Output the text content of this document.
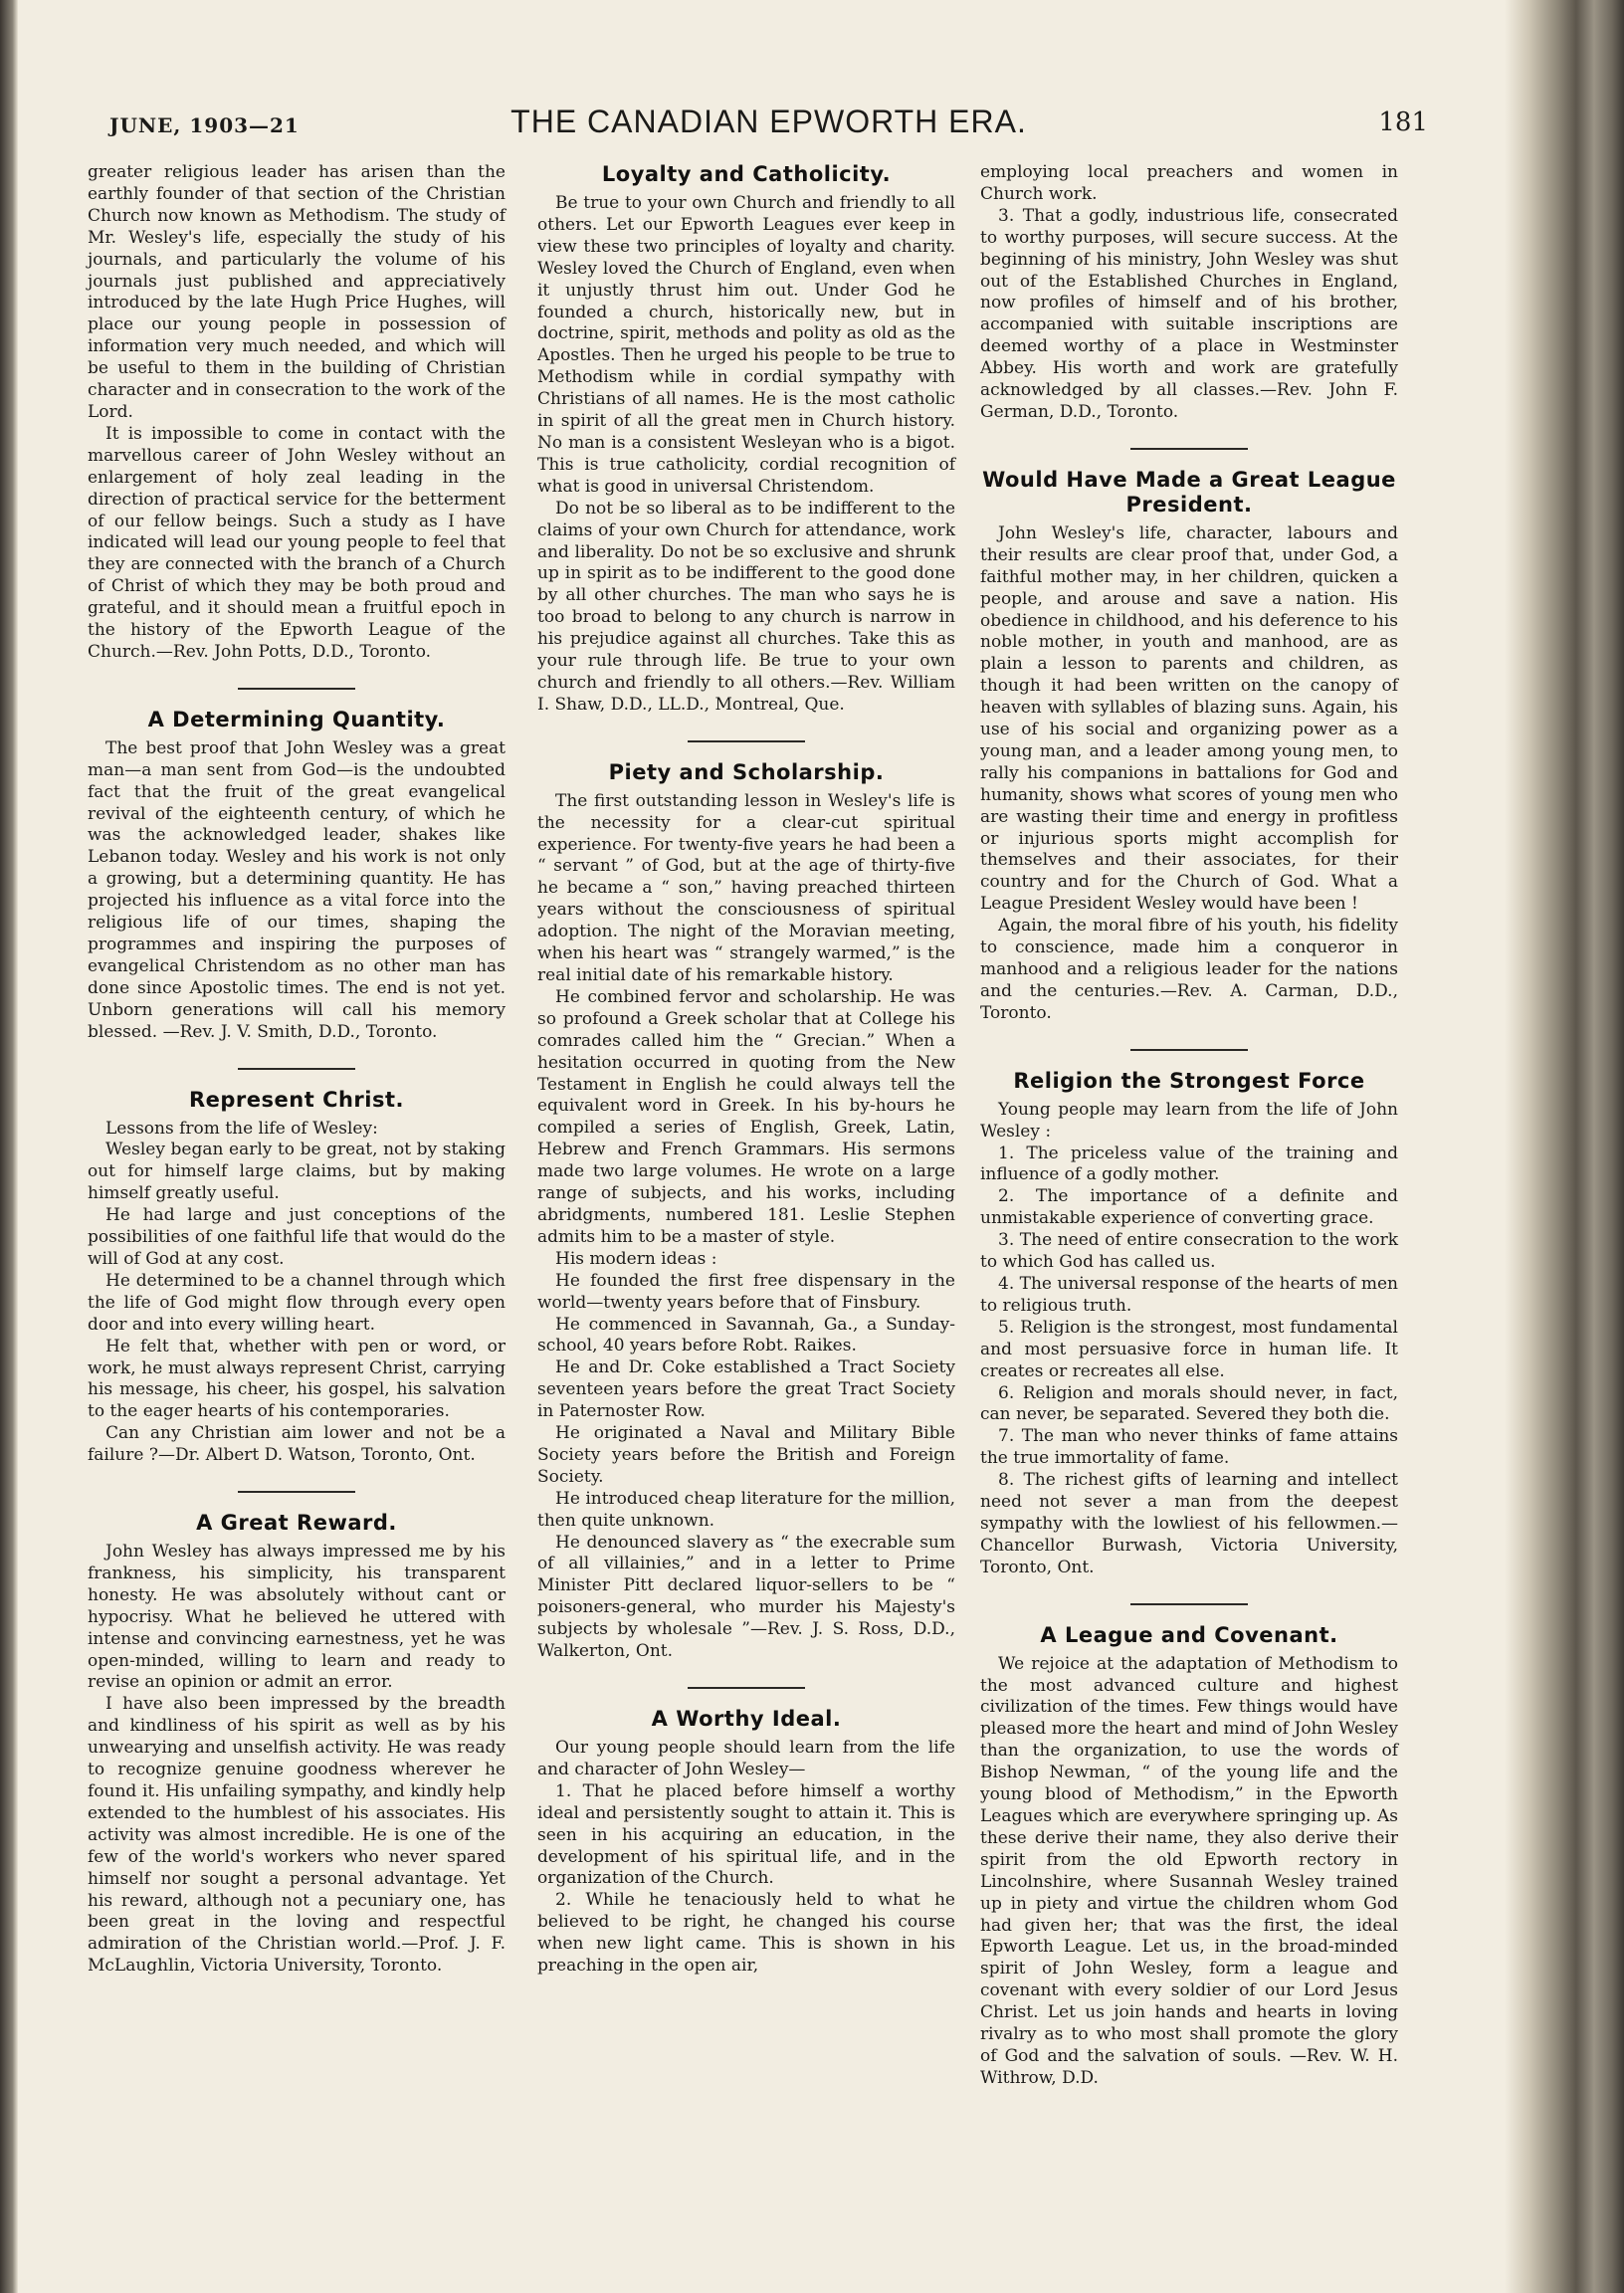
JUNE, 1903—21	THE CANADIAN EPWORTH ERA.	181

greater religious leader has arisen than the earthly founder of that section of the Christian Church now known as Methodism. The study of Mr. Wesley's life, especially the study of his journals, and particularly the volume of his journals just published and appreciatively introduced by the late Hugh Price Hughes, will place our young people in possession of information very much needed, and which will be useful to them in the building of Christian character and in consecration to the work of the Lord.

It is impossible to come in contact with the marvellous career of John Wesley without an enlargement of holy zeal leading in the direction of practical service for the betterment of our fellow beings. Such a study as I have indicated will lead our young people to feel that they are connected with the branch of a Church of Christ of which they may be both proud and grateful, and it should mean a fruitful epoch in the history of the Epworth League of the Church.—Rev. John Potts, D.D., Toronto.

A Determining Quantity.

The best proof that John Wesley was a great man—a man sent from God—is the undoubted fact that the fruit of the great evangelical revival of the eighteenth century, of which he was the acknowledged leader, shakes like Lebanon today. Wesley and his work is not only a growing, but a determining quantity. He has projected his influence as a vital force into the religious life of our times, shaping the programmes and inspiring the purposes of evangelical Christendom as no other man has done since Apostolic times. The end is not yet. Unborn generations will call his memory blessed. —Rev. J. V. Smith, D.D., Toronto.

Represent Christ.

Lessons from the life of Wesley:

Wesley began early to be great, not by staking out for himself large claims, but by making himself greatly useful.

He had large and just conceptions of the possibilities of one faithful life that would do the will of God at any cost.

He determined to be a channel through which the life of God might flow through every open door and into every willing heart.

He felt that, whether with pen or word, or work, he must always represent Christ, carrying his message, his cheer, his gospel, his salvation to the eager hearts of his contemporaries.

Can any Christian aim lower and not be a failure ?—Dr. Albert D. Watson, Toronto, Ont.

A Great Reward.

John Wesley has always impressed me by his frankness, his simplicity, his transparent honesty. He was absolutely without cant or hypocrisy. What he believed he uttered with intense and convincing earnestness, yet he was open-minded, willing to learn and ready to revise an opinion or admit an error.

I have also been impressed by the breadth and kindliness of his spirit as well as by his unwearying and unselfish activity. He was ready to recognize genuine goodness wherever he found it. His unfailing sympathy, and kindly help extended to the humblest of his associates. His activity was almost incredible. He is one of the few of the world's workers who never spared himself nor sought a personal advantage. Yet his reward, although not a pecuniary one, has been great in the loving and respectful admiration of the Christian world.—Prof. J. F. McLaughlin, Victoria University, Toronto.

Loyalty and Catholicity.

Be true to your own Church and friendly to all others. Let our Epworth Leagues ever keep in view these two principles of loyalty and charity. Wesley loved the Church of England, even when it unjustly thrust him out. Under God he founded a church, historically new, but in doctrine, spirit, methods and polity as old as the Apostles. Then he urged his people to be true to Methodism while in cordial sympathy with Christians of all names. He is the most catholic in spirit of all the great men in Church history. No man is a consistent Wesleyan who is a bigot. This is true catholicity, cordial recognition of what is good in universal Christendom.

Do not be so liberal as to be indifferent to the claims of your own Church for attendance, work and liberality. Do not be so exclusive and shrunk up in spirit as to be indifferent to the good done by all other churches. The man who says he is too broad to belong to any church is narrow in his prejudice against all churches. Take this as your rule through life. Be true to your own church and friendly to all others.—Rev. William I. Shaw, D.D., LL.D., Montreal, Que.

Piety and Scholarship.

The first outstanding lesson in Wesley's life is the necessity for a clear-cut spiritual experience. For twenty-five years he had been a “ servant ” of God, but at the age of thirty-five he became a “ son,” having preached thirteen years without the consciousness of spiritual adoption. The night of the Moravian meeting, when his heart was “ strangely warmed,” is the real initial date of his remarkable history.

He combined fervor and scholarship. He was so profound a Greek scholar that at College his comrades called him the “ Grecian.” When a hesitation occurred in quoting from the New Testament in English he could always tell the equivalent word in Greek. In his by-hours he compiled a series of English, Greek, Latin, Hebrew and French Grammars. His sermons made two large volumes. He wrote on a large range of subjects, and his works, including abridgments, numbered 181. Leslie Stephen admits him to be a master of style.

His modern ideas :

He founded the first free dispensary in the world—twenty years before that of Finsbury.

He commenced in Savannah, Ga., a Sunday-school, 40 years before Robt. Raikes.

He and Dr. Coke established a Tract Society seventeen years before the great Tract Society in Paternoster Row.

He originated a Naval and Military Bible Society years before the British and Foreign Society.

He introduced cheap literature for the million, then quite unknown.

He denounced slavery as “ the execrable sum of all villainies,” and in a letter to Prime Minister Pitt declared liquor-sellers to be “ poisoners-general, who murder his Majesty's subjects by wholesale ”—Rev. J. S. Ross, D.D., Walkerton, Ont.

A Worthy Ideal.

Our young people should learn from the life and character of John Wesley—

1. That he placed before himself a worthy ideal and persistently sought to attain it. This is seen in his acquiring an education, in the development of his spiritual life, and in the organization of the Church.

2. While he tenaciously held to what he believed to be right, he changed his course when new light came. This is shown in his preaching in the open air,

employing local preachers and women in Church work.

3. That a godly, industrious life, consecrated to worthy purposes, will secure success. At the beginning of his ministry, John Wesley was shut out of the Established Churches in England, now profiles of himself and of his brother, accompanied with suitable inscriptions are deemed worthy of a place in Westminster Abbey. His worth and work are gratefully acknowledged by all classes.—Rev. John F. German, D.D., Toronto.

Would Have Made a Great League President.

John Wesley's life, character, labours and their results are clear proof that, under God, a faithful mother may, in her children, quicken a people, and arouse and save a nation. His obedience in childhood, and his deference to his noble mother, in youth and manhood, are as plain a lesson to parents and children, as though it had been written on the canopy of heaven with syllables of blazing suns. Again, his use of his social and organizing power as a young man, and a leader among young men, to rally his companions in battalions for God and humanity, shows what scores of young men who are wasting their time and energy in profitless or injurious sports might accomplish for themselves and their associates, for their country and for the Church of God. What a League President Wesley would have been !

Again, the moral fibre of his youth, his fidelity to conscience, made him a conqueror in manhood and a religious leader for the nations and the centuries.—Rev. A. Carman, D.D., Toronto.

Religion the Strongest Force

Young people may learn from the life of John Wesley :

1. The priceless value of the training and influence of a godly mother.

2. The importance of a definite and unmistakable experience of converting grace.

3. The need of entire consecration to the work to which God has called us.

4. The universal response of the hearts of men to religious truth.

5. Religion is the strongest, most fundamental and most persuasive force in human life. It creates or recreates all else.

6. Religion and morals should never, in fact, can never, be separated. Severed they both die.

7. The man who never thinks of fame attains the true immortality of fame.

8. The richest gifts of learning and intellect need not sever a man from the deepest sympathy with the lowliest of his fellowmen.—Chancellor Burwash, Victoria University, Toronto, Ont.

A League and Covenant.

We rejoice at the adaptation of Methodism to the most advanced culture and highest civilization of the times. Few things would have pleased more the heart and mind of John Wesley than the organization, to use the words of Bishop Newman, “ of the young life and the young blood of Methodism,” in the Epworth Leagues which are everywhere springing up. As these derive their name, they also derive their spirit from the old Epworth rectory in Lincolnshire, where Susannah Wesley trained up in piety and virtue the children whom God had given her; that was the first, the ideal Epworth League. Let us, in the broad-minded spirit of John Wesley, form a league and covenant with every soldier of our Lord Jesus Christ. Let us join hands and hearts in loving rivalry as to who most shall promote the glory of God and the salvation of souls. —Rev. W. H. Withrow, D.D.
